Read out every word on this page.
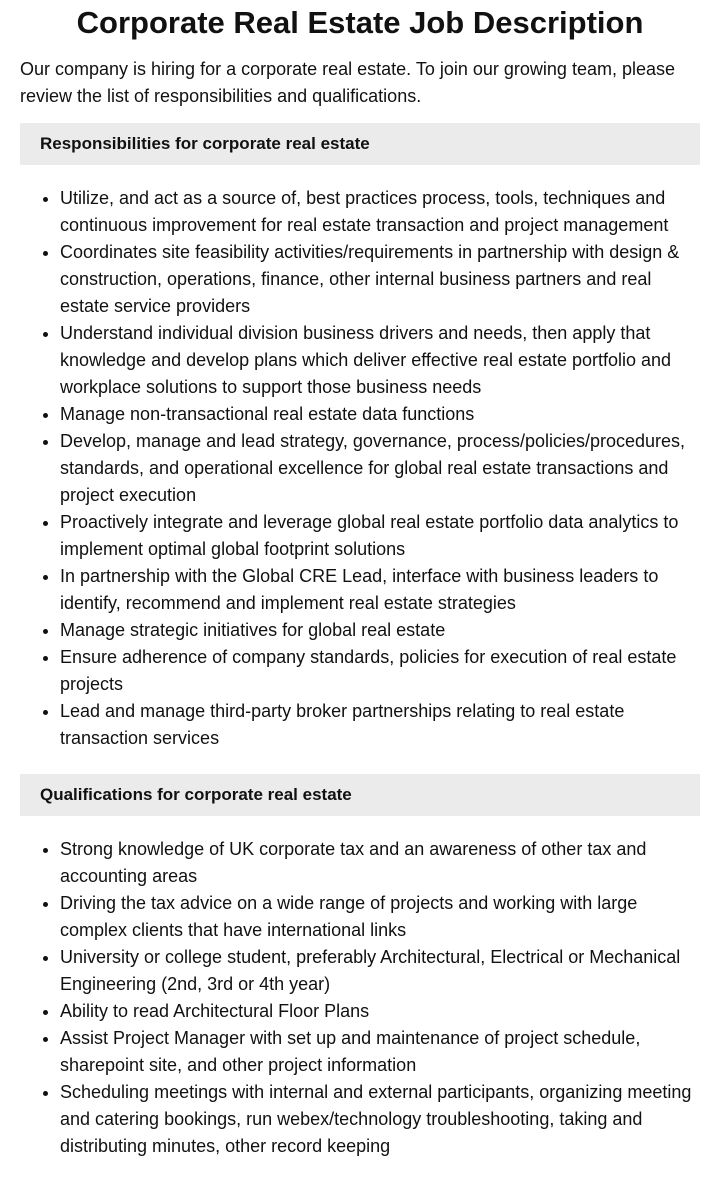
Corporate Real Estate Job Description

Our company is hiring for a corporate real estate. To join our growing team, please review the list of responsibilities and qualifications.

Responsibilities for corporate real estate
• Utilize, and act as a source of, best practices process, tools, techniques and continuous improvement for real estate transaction and project management
• Coordinates site feasibility activities/requirements in partnership with design & construction, operations, finance, other internal business partners and real estate service providers
• Understand individual division business drivers and needs, then apply that knowledge and develop plans which deliver effective real estate portfolio and workplace solutions to support those business needs
• Manage non-transactional real estate data functions
• Develop, manage and lead strategy, governance, process/policies/procedures, standards, and operational excellence for global real estate transactions and project execution
• Proactively integrate and leverage global real estate portfolio data analytics to implement optimal global footprint solutions
• In partnership with the Global CRE Lead, interface with business leaders to identify, recommend and implement real estate strategies
• Manage strategic initiatives for global real estate
• Ensure adherence of company standards, policies for execution of real estate projects
• Lead and manage third-party broker partnerships relating to real estate transaction services
Qualifications for corporate real estate
• Strong knowledge of UK corporate tax and an awareness of other tax and accounting areas
• Driving the tax advice on a wide range of projects and working with large complex clients that have international links
• University or college student, preferably Architectural, Electrical or Mechanical Engineering (2nd, 3rd or 4th year)
• Ability to read Architectural Floor Plans
• Assist Project Manager with set up and maintenance of project schedule, sharepoint site, and other project information
• Scheduling meetings with internal and external participants, organizing meeting and catering bookings, run webex/technology troubleshooting, taking and distributing minutes, other record keeping
